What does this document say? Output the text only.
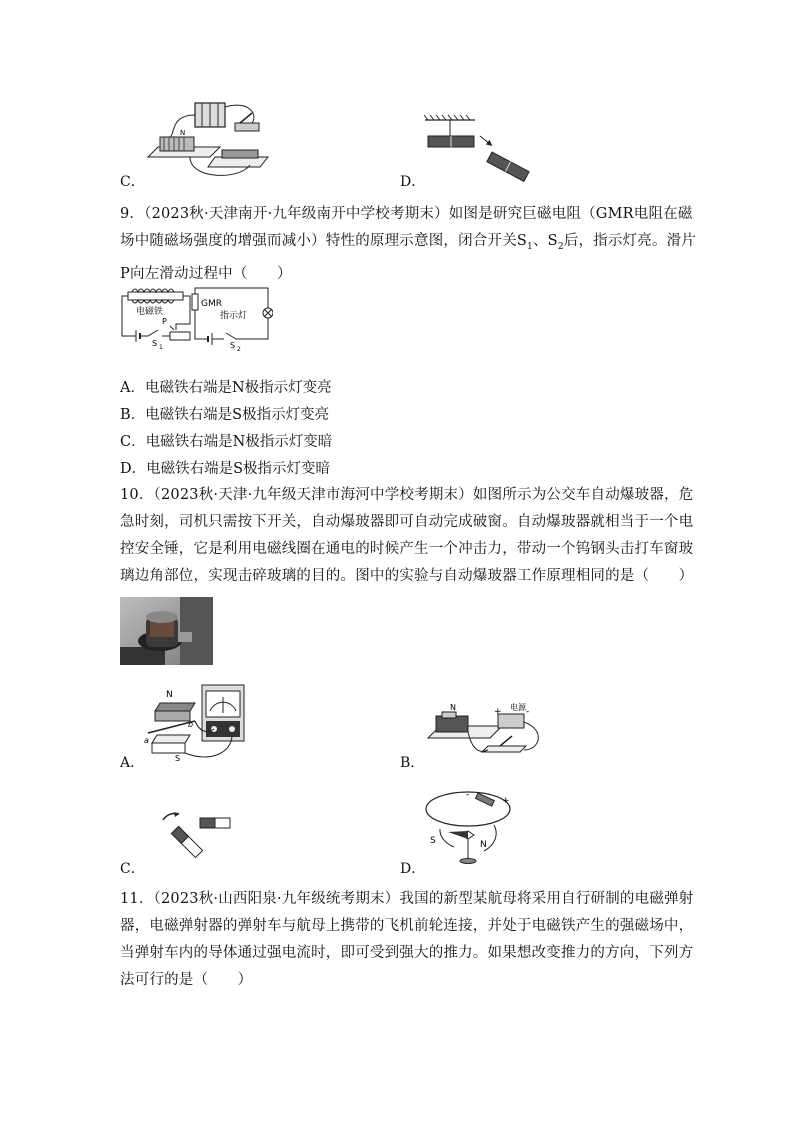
N
C．	D．
9．（2023秋·天津南开·九年级南开中学校考期末）如图是研究巨磁电阻（GMR电阻在磁
场中随磁场强度的增强而减小）特性的原理示意图，闭合开关$S_1$、$S_2$后，指示灯亮。滑片
P向左滑动过程中（　　）
电磁铁
S 1
P
GMR
指示灯
S 2
A．电磁铁右端是N极指示灯变亮
B．电磁铁右端是S极指示灯变亮
C．电磁铁右端是N极指示灯变暗
D．电磁铁右端是S极指示灯变暗
10．（2023秋·天津·九年级天津市海河中学校考期末）如图所示为公交车自动爆玻器，危
急时刻，司机只需按下开关，自动爆玻器即可自动完成破窗。自动爆玻器就相当于一个电
控安全锤，它是利用电磁线圈在通电的时候产生一个冲击力，带动一个钨钢头击打车窗玻
璃边角部位，实现击碎玻璃的目的。图中的实验与自动爆玻器工作原理相同的是（　　）
N
b
a
S
A．
N	电源
+	-
B．
C．
-
+
S	N
D．
11．（2023秋·山西阳泉·九年级统考期末）我国的新型某航母将采用自行研制的电磁弹射
器，电磁弹射器的弹射车与航母上携带的飞机前轮连接，并处于电磁铁产生的强磁场中，
当弹射车内的导体通过强电流时，即可受到强大的推力。如果想改变推力的方向，下列方
法可行的是（　　）
